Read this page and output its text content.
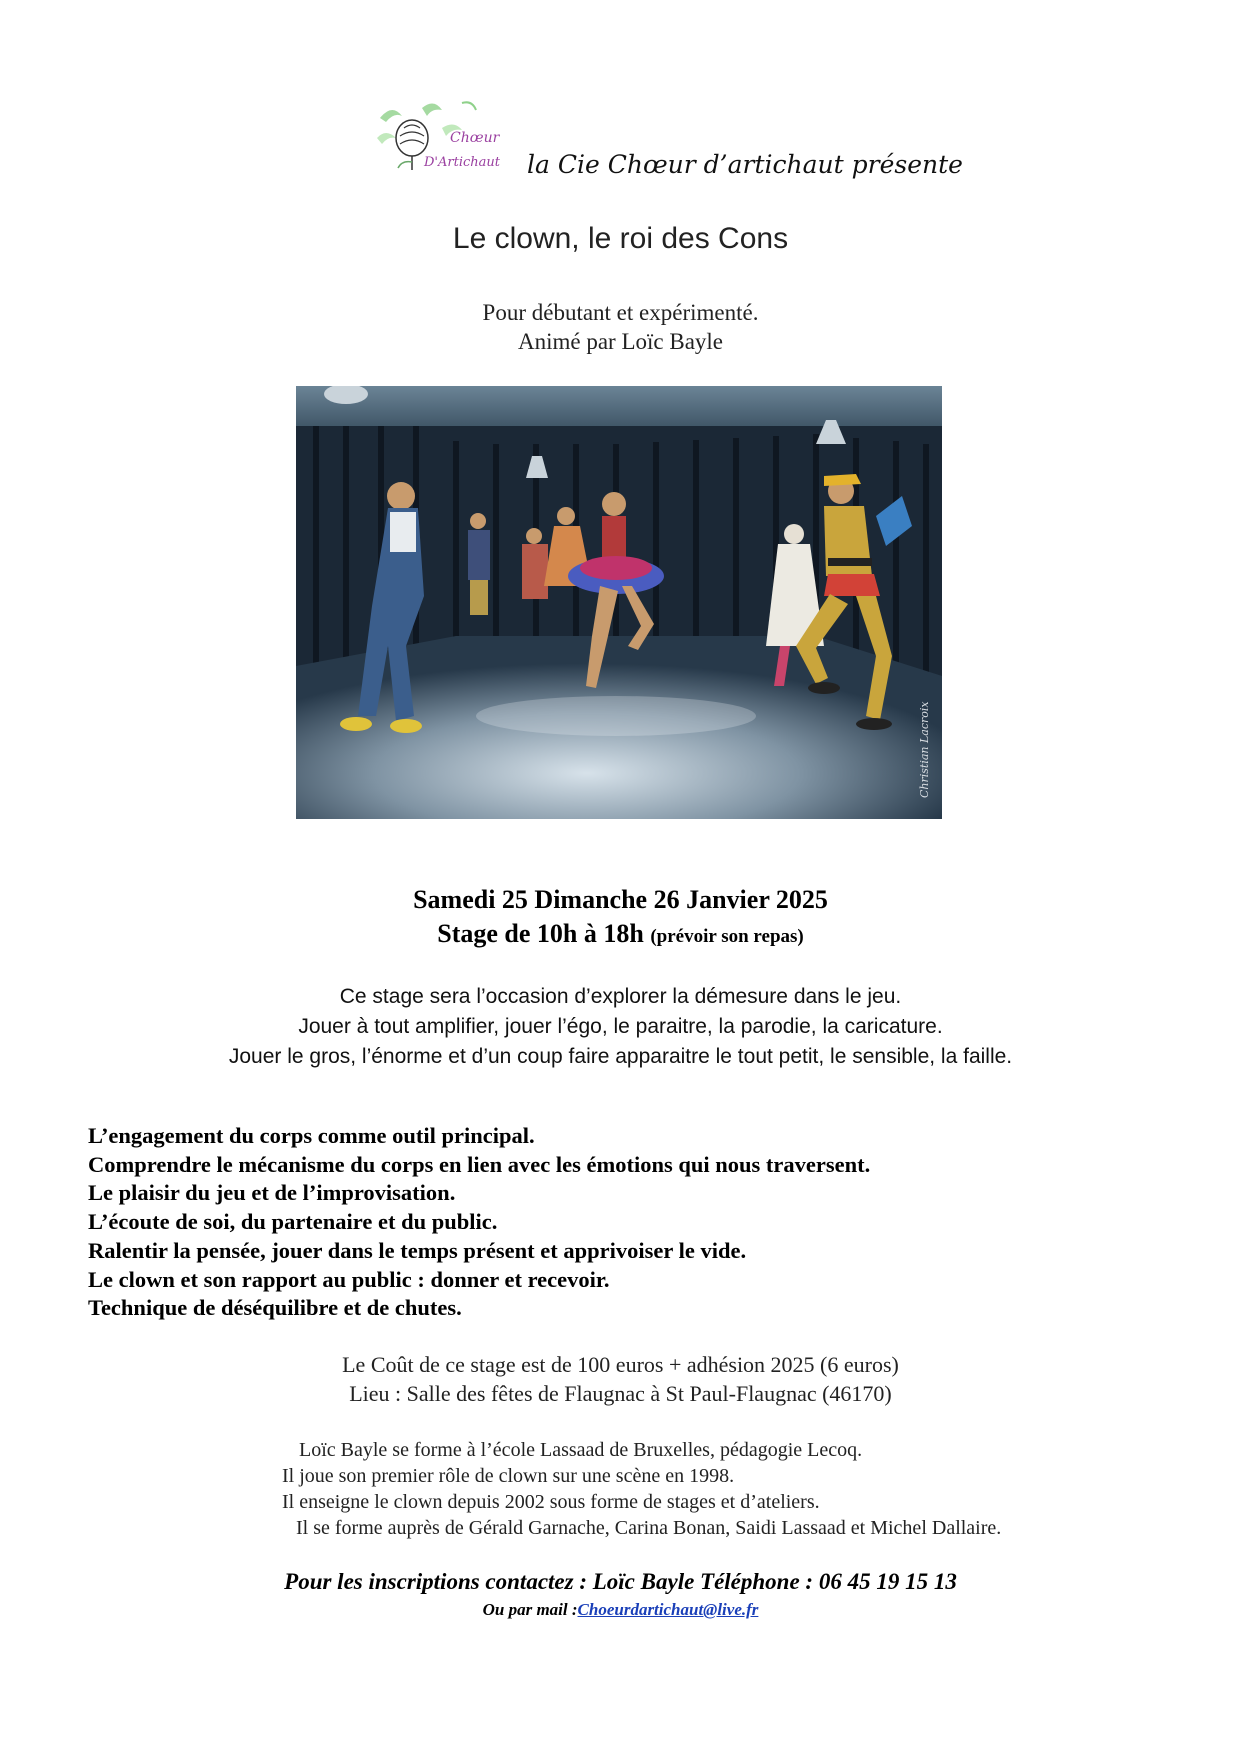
Chœur
D'Artichaut la Cie Chœur d’artichaut présente
Le clown, le roi des Cons
Pour débutant et expérimenté.
Animé par Loïc Bayle
Christian Lacroix
Samedi 25 Dimanche 26 Janvier 2025
Stage de 10h à 18h (prévoir son repas)
Ce stage sera l’occasion d’explorer la démesure dans le jeu.
Jouer à tout amplifier, jouer l’égo, le paraitre, la parodie, la caricature.
Jouer le gros, l’énorme et d’un coup faire apparaitre le tout petit, le sensible, la faille.
L’engagement du corps comme outil principal.
Comprendre le mécanisme du corps en lien avec les émotions qui nous traversent.
Le plaisir du jeu et de l’improvisation.
L’écoute de soi, du partenaire et du public.
Ralentir la pensée, jouer dans le temps présent et apprivoiser le vide.
Le clown et son rapport au public : donner et recevoir.
Technique de déséquilibre et de chutes.
Le Coût de ce stage est de 100 euros + adhésion 2025 (6 euros)
Lieu : Salle des fêtes de Flaugnac à St Paul-Flaugnac (46170)
Loïc Bayle se forme à l’école Lassaad de Bruxelles, pédagogie Lecoq.
Il joue son premier rôle de clown sur une scène en 1998.
Il enseigne le clown depuis 2002 sous forme de stages et d’ateliers.
Il se forme auprès de Gérald Garnache, Carina Bonan, Saidi Lassaad et Michel Dallaire.
Pour les inscriptions contactez : Loïc Bayle Téléphone : 06 45 19 15 13
Ou par mail :Choeurdartichaut@live.fr
